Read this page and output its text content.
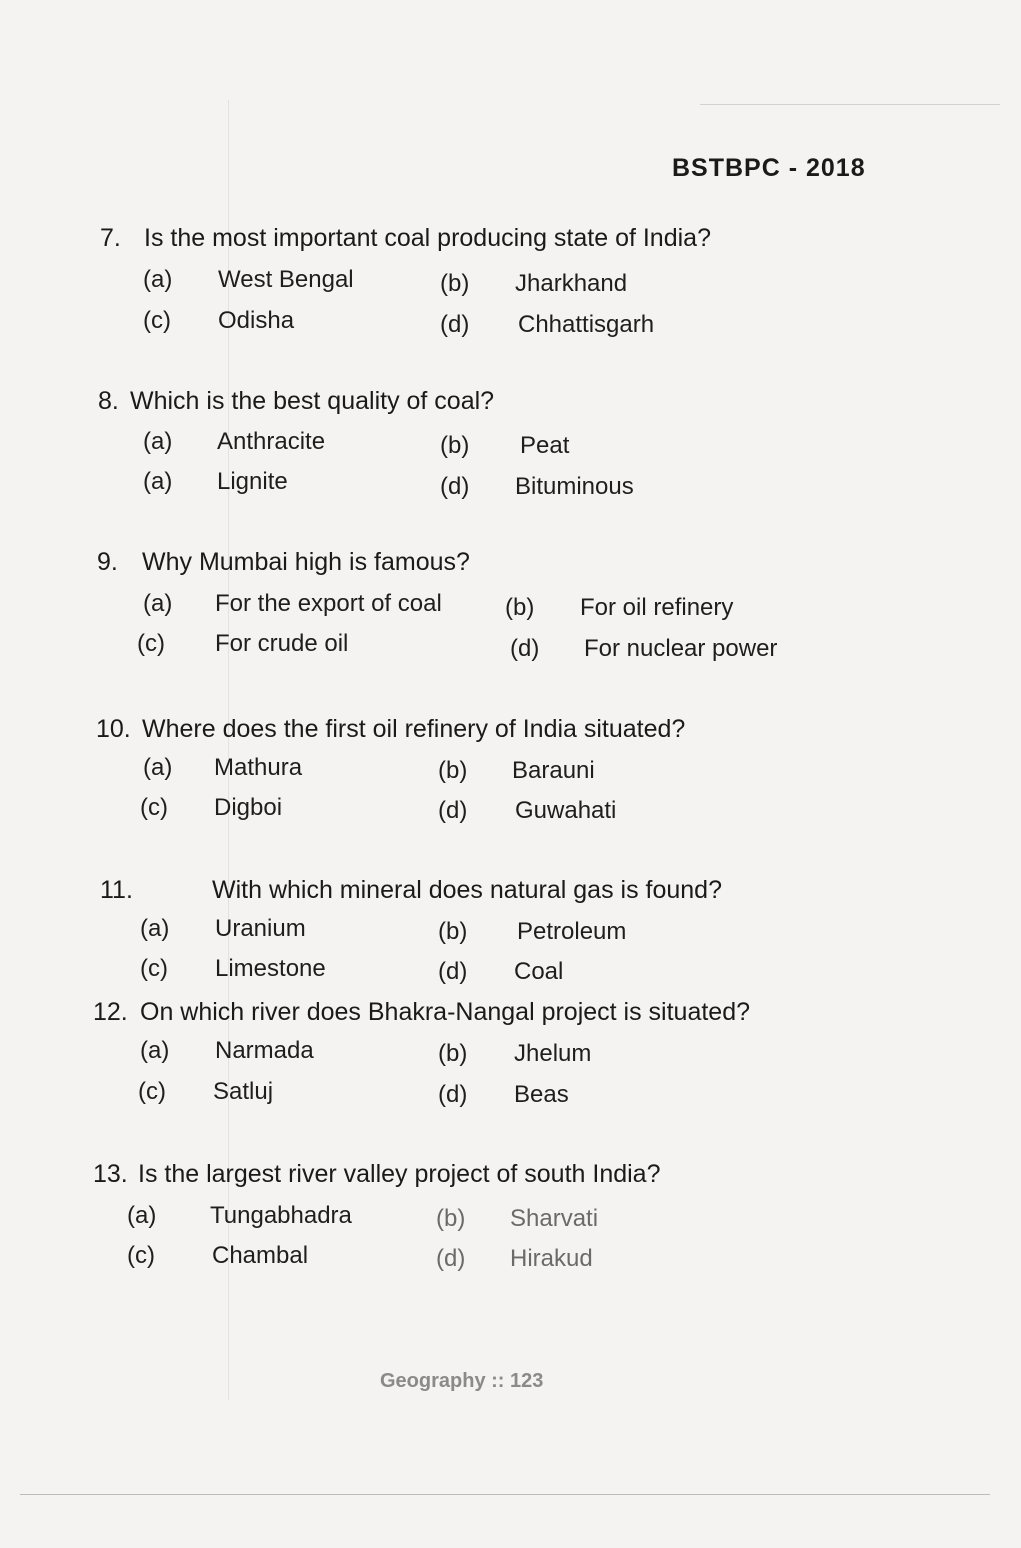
BSTBPC - 2018
7. Is the most important coal producing state of India?
(a) West Bengal	(b) Jharkhand
(c) Odisha	(d) Chhattisgarh
8. Which is the best quality of coal?
(a) Anthracite	(b) Peat
(a) Lignite	(d) Bituminous
9. Why Mumbai high is famous?
(a) For the export of coal	(b) For oil refinery
(c) For crude oil	(d) For nuclear power
10. Where does the first oil refinery of India situated?
(a) Mathura	(b) Barauni
(c) Digboi	(d) Guwahati
11.	With which mineral does natural gas is found?
(a) Uranium	(b) Petroleum
(c) Limestone	(d) Coal
12. On which river does Bhakra-Nangal project is situated?
(a) Narmada	(b) Jhelum
(c) Satluj	(d) Beas
13. Is the largest river valley project of south India?
(a) Tungabhadra	(b) Sharvati
(c) Chambal	(d) Hirakud
Geography :: 123
